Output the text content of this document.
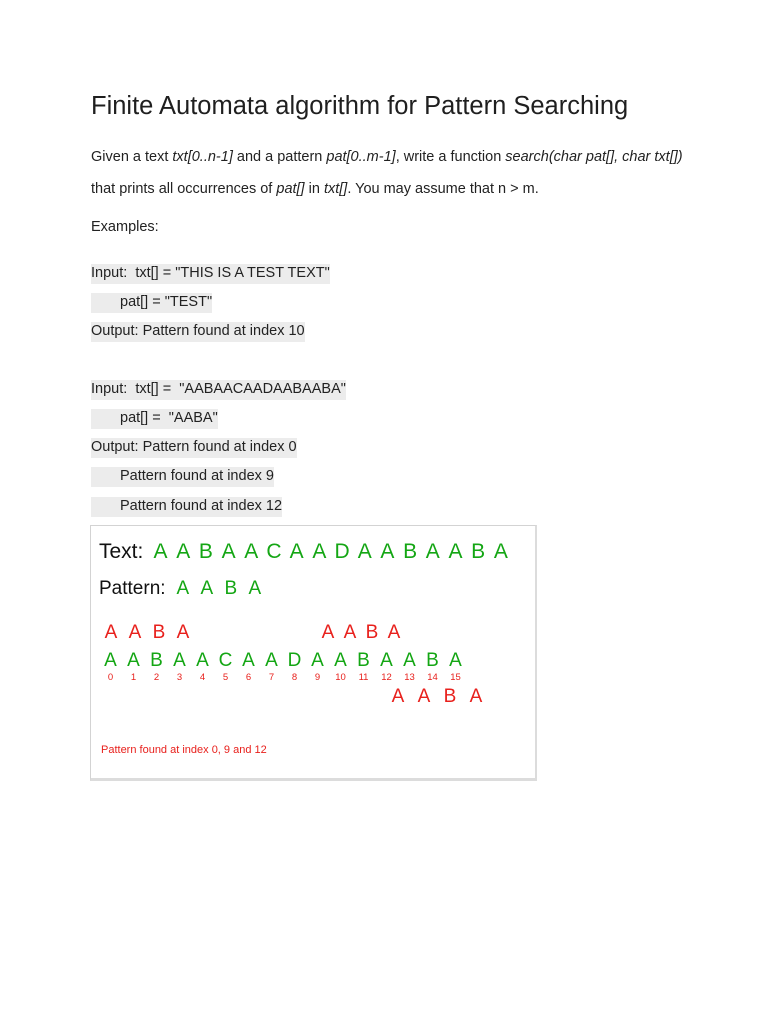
Finite Automata algorithm for Pattern Searching
Given a text txt[0..n-1] and a pattern pat[0..m-1], write a function search(char pat[], char txt[]) that prints all occurrences of pat[] in txt[]. You may assume that n > m.
Examples:
Input:  txt[] = "THIS IS A TEST TEXT"
pat[] = "TEST"
Output: Pattern found at index 10
Input:  txt[] =  "AABAACAADAABAABA"
pat[] =  "AABA"
Output: Pattern found at index 0
Pattern found at index 9
Pattern found at index 12
Text: A A B A A C A A D A A B A A B A
Pattern: A A B A
A A B A	A A B A
A A B A A C A A D A A B A A B A
0 1 2 3 4 5 6 7 8 9 10 11 12 13 14 15
A A B A
Pattern found at index 0, 9 and 12
